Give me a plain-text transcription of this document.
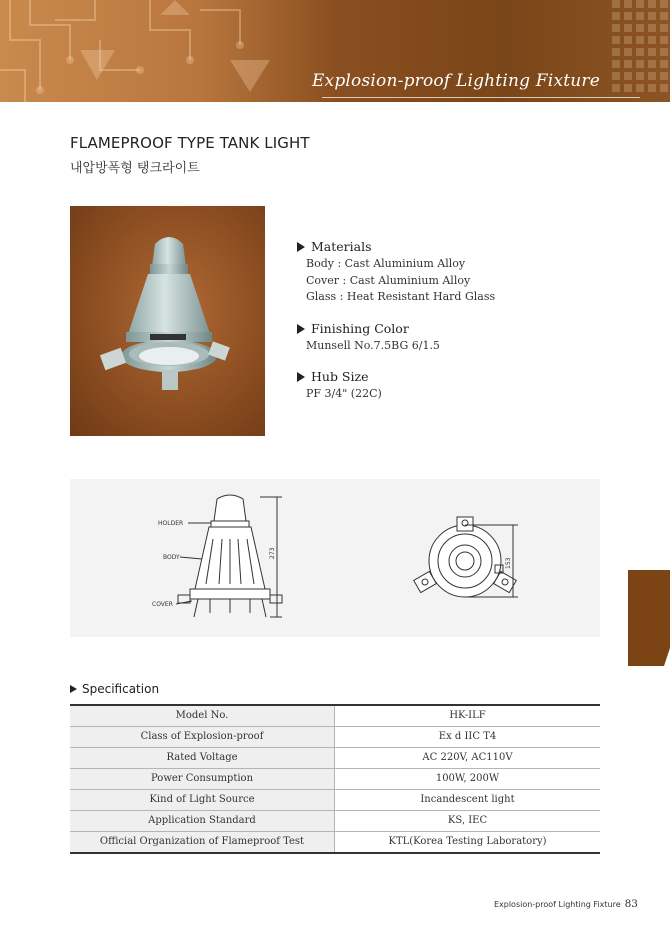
Explosion-proof Lighting Fixture
FLAMEPROOF TYPE TANK LIGHT
내압방폭형 탱크라이트
Materials
Body : Cast Aluminium Alloy
Cover : Cast Aluminium Alloy
Glass : Heat Resistant Hard Glass
Finishing Color
Munsell No.7.5BG 6/1.5
Hub Size
PF 3/4" (22C)
HOLDER
BODY
COVER
273
153
Specification
Model No.	HK-ILF
Class of Explosion-proof	Ex d IIC T4
Rated Voltage	AC 220V, AC110V
Power Consumption	100W, 200W
Kind of Light Source	Incandescent light
Application Standard	KS, IEC
Official Organization of Flameproof Test	KTL(Korea Testing Laboratory)
Explosion-proof Lighting Fixture 83
